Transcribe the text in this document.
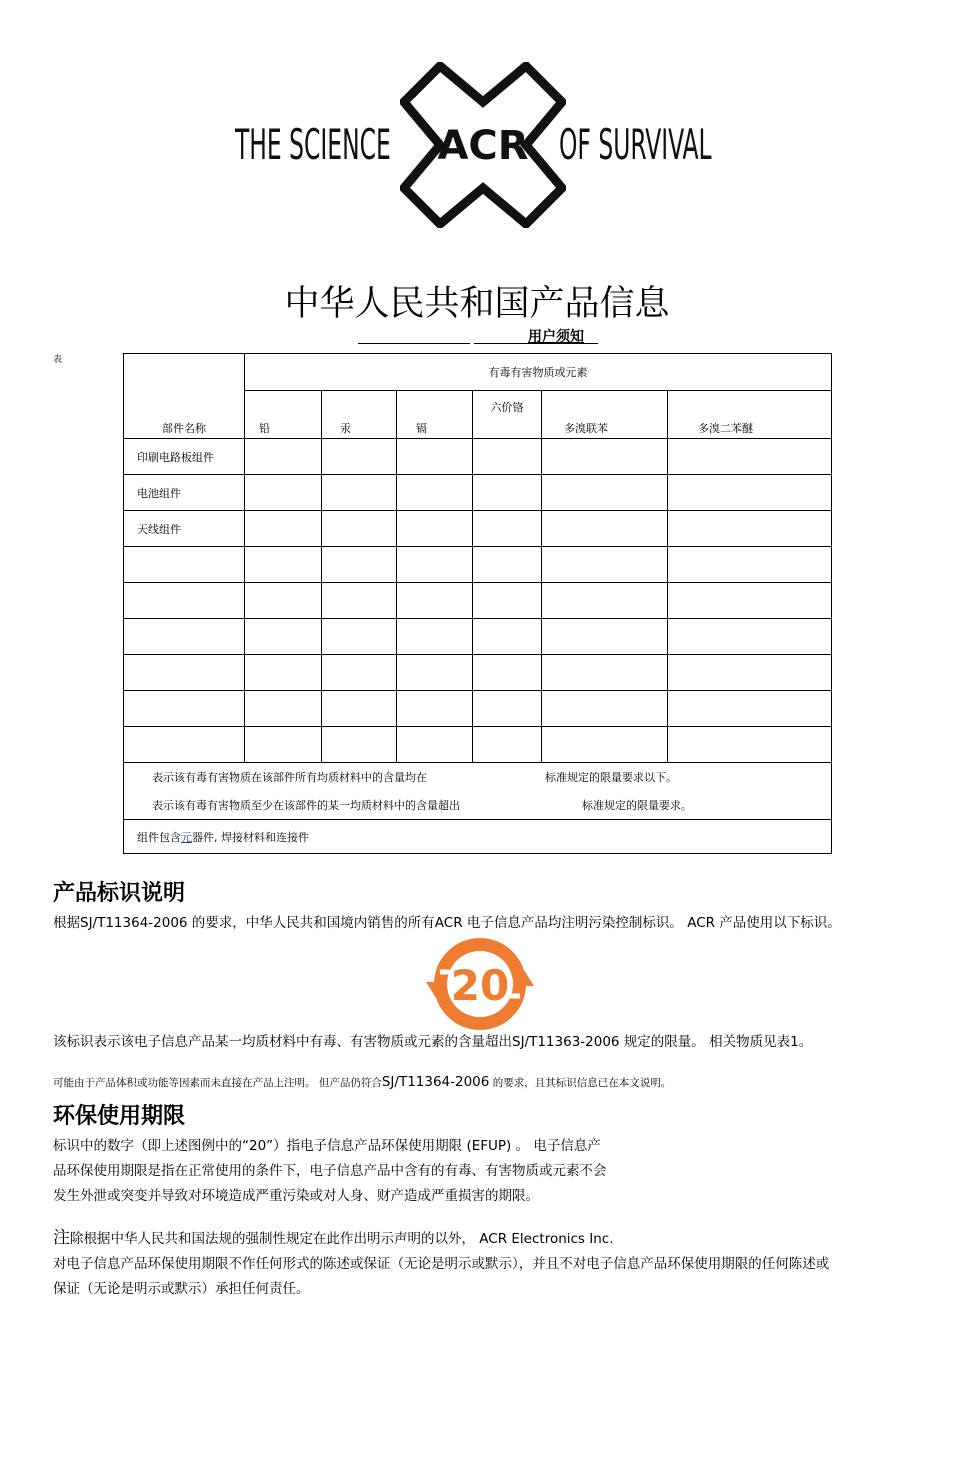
THE SCIENCE ACR OF SURVIVAL
中华人民共和国产品信息
用户须知
表
部件名称	有毒有害物质或元素					
	铅	汞	镉	六价铬	多溴联苯	多溴二苯醚
印刷电路板组件						
电池组件						
天线组件						

表示该有毒有害物质在该部件所有均质材料中的含量均在 标准规定的限量要求以下。
表示该有毒有害物质至少在该部件的某一均质材料中的含量超出 标准规定的限量要求。						

组件包含元器件, 焊接材料和连接件						
产品标识说明
根据SJ/T11364-2006 的要求，中华人民共和国境内销售的所有ACR 电子信息产品均注明污染控制标识。 ACR 产品使用以下标识。
20
该标识表示该电子信息产品某一均质材料中有毒、有害物质或元素的含量超出SJ/T11363-2006 规定的限量。 相关物质见表1。
可能由于产品体积或功能等因素而未直接在产品上注明。 但产品仍符合SJ/T11364-2006 的要求，且其标识信息已在本文说明。
环保使用期限
标识中的数字（即上述图例中的“20”）指电子信息产品环保使用期限 (EFUP) 。 电子信息产
品环保使用期限是指在正常使用的条件下，电子信息产品中含有的有毒、有害物质或元素不会
发生外泄或突变并导致对环境造成严重污染或对人身、财产造成严重损害的期限。
注除根据中华人民共和国法规的强制性规定在此作出明示声明的以外， ACR Electronics Inc.
对电子信息产品环保使用期限不作任何形式的陈述或保证（无论是明示或默示），并且不对电子信息产品环保使用期限的任何陈述或
保证（无论是明示或默示）承担任何责任。
